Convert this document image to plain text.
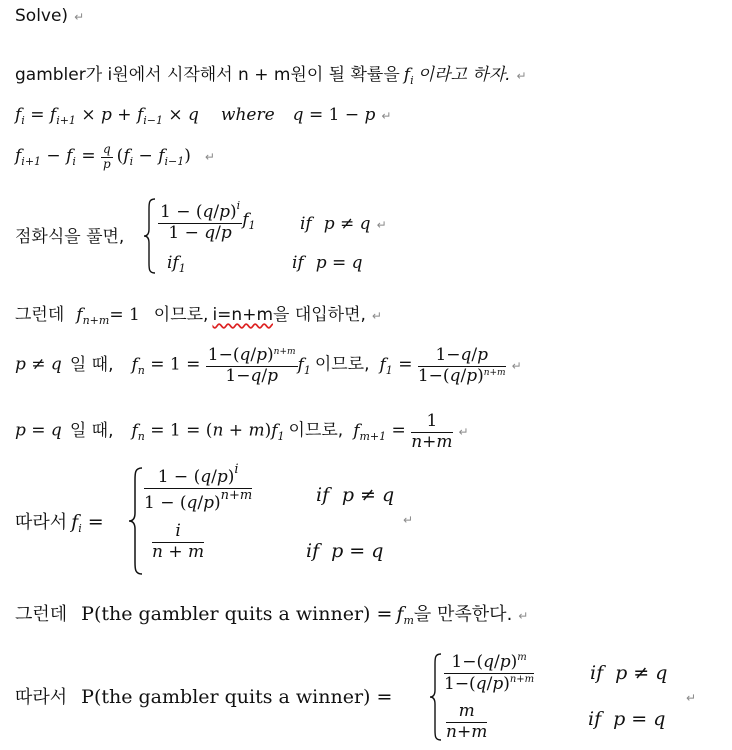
Solve) ↵
gambler가 i원에서 시작해서 n + m원이 될 확률을 $f_i$ 이라고 하자. ↵
$f_i = f_{i+1} \times p + f_{i-1} \times q$ where q = 1 − p ↵
$f_{i+1} - f_i = \frac{q}{p} (f_i - f_{i-1})$ ↵
점화식을 풀면, $\frac{1 - (q/p)^i}{1 - q/p} f_1$	if p ≠ q ↵
$if_1$	if p = q
그런데 $f_{n+m}= 1$ 이므로, i=n+m을 대입하면, ↵
p ≠ q 일 때, $f_n = 1 = \frac{1-(q/p)^{n+m}}{1-q/p} f_1$ 이므로, $f_1 = \frac{1-q/p}{1-(q/p)^{n+m}}$ ↵
p = q 일 때, $f_n = 1 = (n + m)f_1$ 이므로, $f_{m+1} = \frac{1}{n+m}$ ↵
따라서 $f_i$ =
$\frac{1 - (q/p)^i}{1 - (q/p)^{n+m}}$	if p ≠ q
↵
$\frac{i}{n + m}$	if p = q
그런데 P(the gambler quits a winner) = $f_m$을 만족한다. ↵
따라서 P(the gambler quits a winner) =
$\frac{1-(q/p)^m}{1-(q/p)^{n+m}}$	if p ≠ q
↵
$\frac{m}{n+m}$	if p = q
